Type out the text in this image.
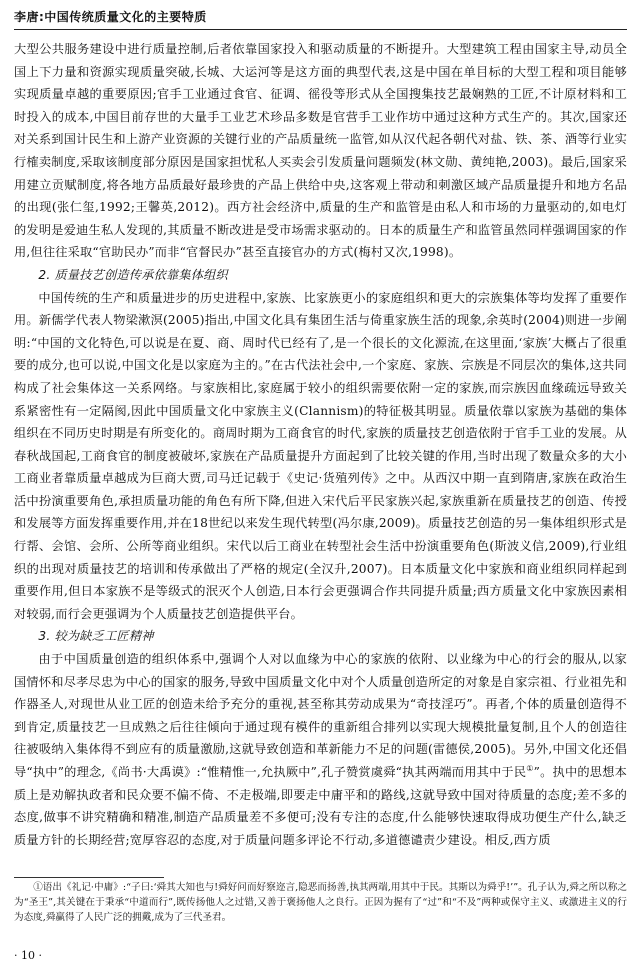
李唐:中国传统质量文化的主要特质

大型公共服务建设中进行质量控制,后者依靠国家投入和驱动质量的不断提升。大型建筑工程由国家主导,动员全国上下力量和资源实现质量突破,长城、大运河等是这方面的典型代表,这是中国在单目标的大型工程和项目能够实现质量卓越的重要原因;官手工业通过食官、征调、徭役等形式从全国搜集技艺最娴熟的工匠,不计原材料和工时投入的成本,中国目前存世的大量手工业艺术珍品多数是官营手工业作坊中通过这种方式生产的。其次,国家还对关系到国计民生和上游产业资源的关键行业的产品质量统一监管,如从汉代起各朝代对盐、铁、茶、酒等行业实行榷卖制度,采取该制度部分原因是国家担忧私人买卖会引发质量问题频发(林文勋、黄纯艳,2003)。最后,国家采用建立贡赋制度,将各地方品质最好最珍贵的产品上供给中央,这客观上带动和刺激区域产品质量提升和地方名品的出现(张仁玺,1992;王馨英,2012)。西方社会经济中,质量的生产和监管是由私人和市场的力量驱动的,如电灯的发明是爱迪生私人发现的,其质量不断改进是受市场需求驱动的。日本的质量生产和监管虽然同样强调国家的作用,但往往采取“官助民办”而非“官督民办”甚至直接官办的方式(梅村又次,1998)。

2. 质量技艺创造传承依靠集体组织

中国传统的生产和质量进步的历史进程中,家族、比家族更小的家庭组织和更大的宗族集体等均发挥了重要作用。新儒学代表人物梁漱溟(2005)指出,中国文化具有集团生活与倚重家族生活的现象,余英时(2004)则进一步阐明:“中国的文化特色,可以说是在夏、商、周时代已经有了,是一个很长的文化源流,在这里面,‘家族’大概占了很重要的成分,也可以说,中国文化是以家庭为主的。”在古代法社会中,一个家庭、家族、宗族是不同层次的集体,这共同构成了社会集体这一关系网络。与家族相比,家庭属于较小的组织需要依附一定的家族,而宗族因血缘疏远导致关系紧密性有一定隔阂,因此中国质量文化中家族主义(Clannism)的特征极其明显。质量依靠以家族为基础的集体组织在不同历史时期是有所变化的。商周时期为工商食官的时代,家族的质量技艺创造依附于官手工业的发展。从春秋战国起,工商食官的制度被破坏,家族在产品质量提升方面起到了比较关键的作用,当时出现了数量众多的大小工商业者靠质量卓越成为巨商大贾,司马迁记载于《史记·货殖列传》之中。从西汉中期一直到隋唐,家族在政治生活中扮演重要角色,承担质量功能的角色有所下降,但进入宋代后平民家族兴起,家族重新在质量技艺的创造、传授和发展等方面发挥重要作用,并在18世纪以来发生现代转型(冯尔康,2009)。质量技艺创造的另一集体组织形式是行帮、会馆、会所、公所等商业组织。宋代以后工商业在转型社会生活中扮演重要角色(斯波义信,2009),行业组织的出现对质量技艺的培训和传承做出了严格的规定(全汉升,2007)。日本质量文化中家族和商业组织同样起到重要作用,但日本家族不是等级式的泯灭个人创造,日本行会更强调合作共同提升质量;西方质量文化中家族因素相对较弱,而行会更强调为个人质量技艺创造提供平台。

3. 较为缺乏工匠精神

由于中国质量创造的组织体系中,强调个人对以血缘为中心的家族的依附、以业缘为中心的行会的服从,以家国情怀和尽孝尽忠为中心的国家的服务,导致中国质量文化中对个人质量创造所定的对象是自家宗祖、行业祖先和作器圣人,对现世从业工匠的创造未给予充分的重视,甚至称其劳动成果为“奇技淫巧”。再者,个体的质量创造得不到肯定,质量技艺一旦成熟之后往往倾向于通过现有模件的重新组合排列以实现大规模批量复制,且个人的创造往往被吸纳入集体得不到应有的质量激励,这就导致创造和革新能力不足的问题(雷德侯,2005)。另外,中国文化还倡导“执中”的理念,《尚书·大禹谟》:“惟精惟一,允执厥中”,孔子赞赏虞舜“执其两端而用其中于民①”。执中的思想本质上是劝解执政者和民众要不偏不倚、不走极端,即要走中庸平和的路线,这就导致中国对待质量的态度;差不多的态度,做事不讲究精确和精准,制造产品质量差不多便可;没有专注的态度,什么能够快速取得成功便生产什么,缺乏质量方针的长期经营;宽厚容忍的态度,对于质量问题多评论不行动,多道德谴责少建设。相反,西方质

①语出《礼记·中庸》:“子曰:‘舜其大知也与!舜好问而好察迩言,隐恶而扬善,执其两端,用其中于民。其斯以为舜乎!’”。孔子认为,舜之所以称之为“圣王”,其关键在于秉承“中道而行”,既传扬他人之过错,又善于褒扬他人之良行。正因为握有了“过”和“不及”两种或保守主义、或激进主义的行为态度,舜赢得了人民广泛的拥戴,成为了三代圣君。
· 10 ·
